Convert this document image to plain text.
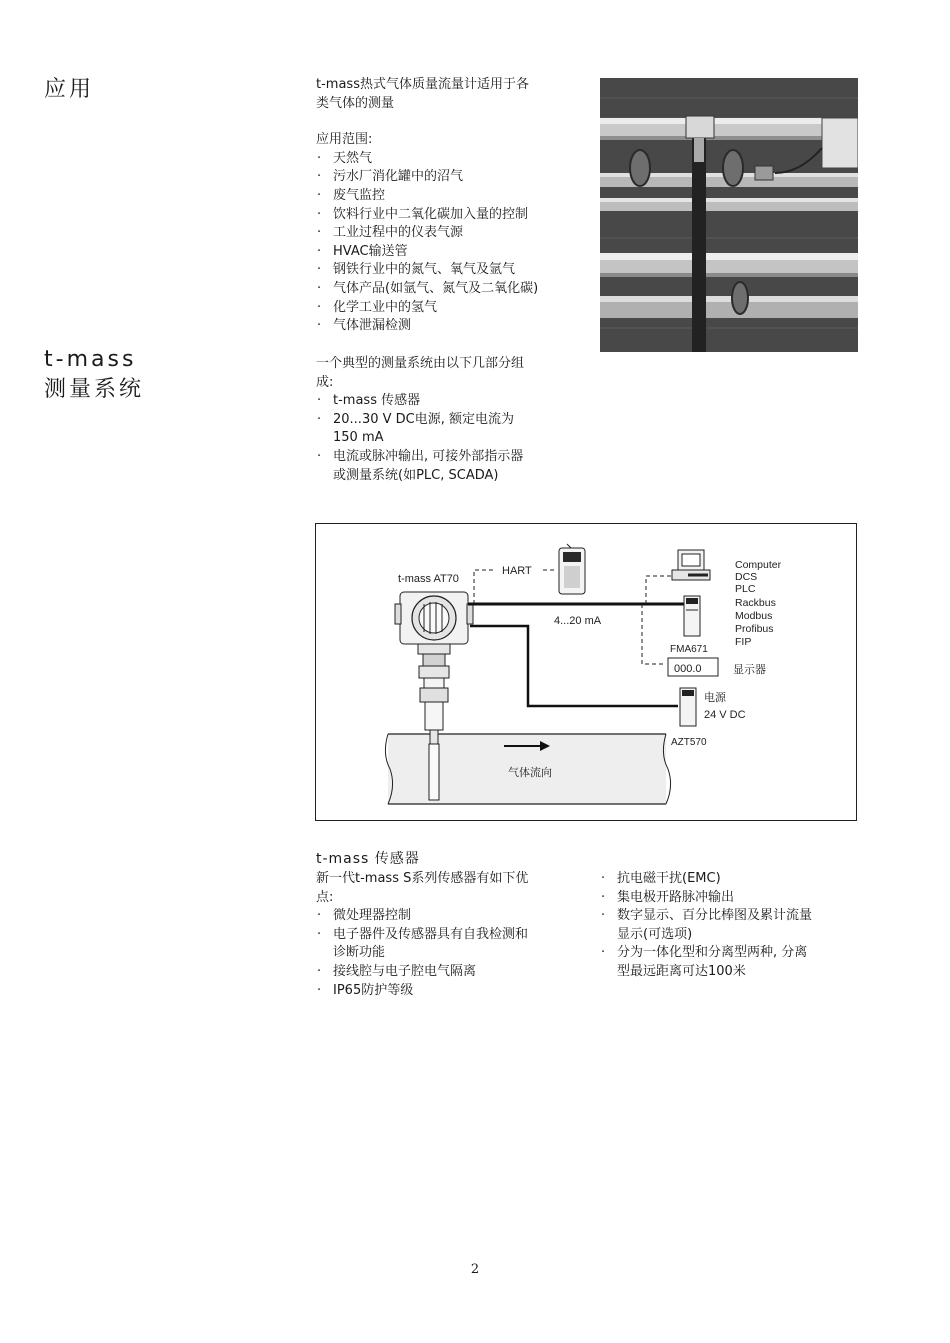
应用
t-mass
测量系统

t-mass热式气体质量流量计适用于各

类气体的测量

应用范围:

· 天然气
· 污水厂消化罐中的沼气
· 废气监控
· 饮料行业中二氧化碳加入量的控制
· 工业过程中的仪表气源
· HVAC输送管
· 钢铁行业中的氮气、氧气及氩气
· 气体产品(如氩气、氮气及二氧化碳)
· 化学工业中的氢气
· 气体泄漏检测

一个典型的测量系统由以下几部分组

成:

· t-mass 传感器
· 20...30 V DC电源, 额定电流为
150 mA
· 电流或脉冲输出, 可接外部指示器
或测量系统(如PLC, SCADA)
气体流向
t-mass AT70
HART
4...20 mA
FMA671
000.0	显示器
电源
24 V DC
AZT570
Computer
DCS
PLC
Rackbus
Modbus
Profibus
FIP
t-mass 传感器

新一代t-mass S系列传感器有如下优

点:

· 微处理器控制
· 电子器件及传感器具有自我检测和
诊断功能
· 接线腔与电子腔电气隔离
· IP65防护等级
· 抗电磁干扰(EMC)
· 集电极开路脉冲输出
· 数字显示、百分比棒图及累计流量
显示(可选项)
· 分为一体化型和分离型两种, 分离
型最远距离可达100米
2
